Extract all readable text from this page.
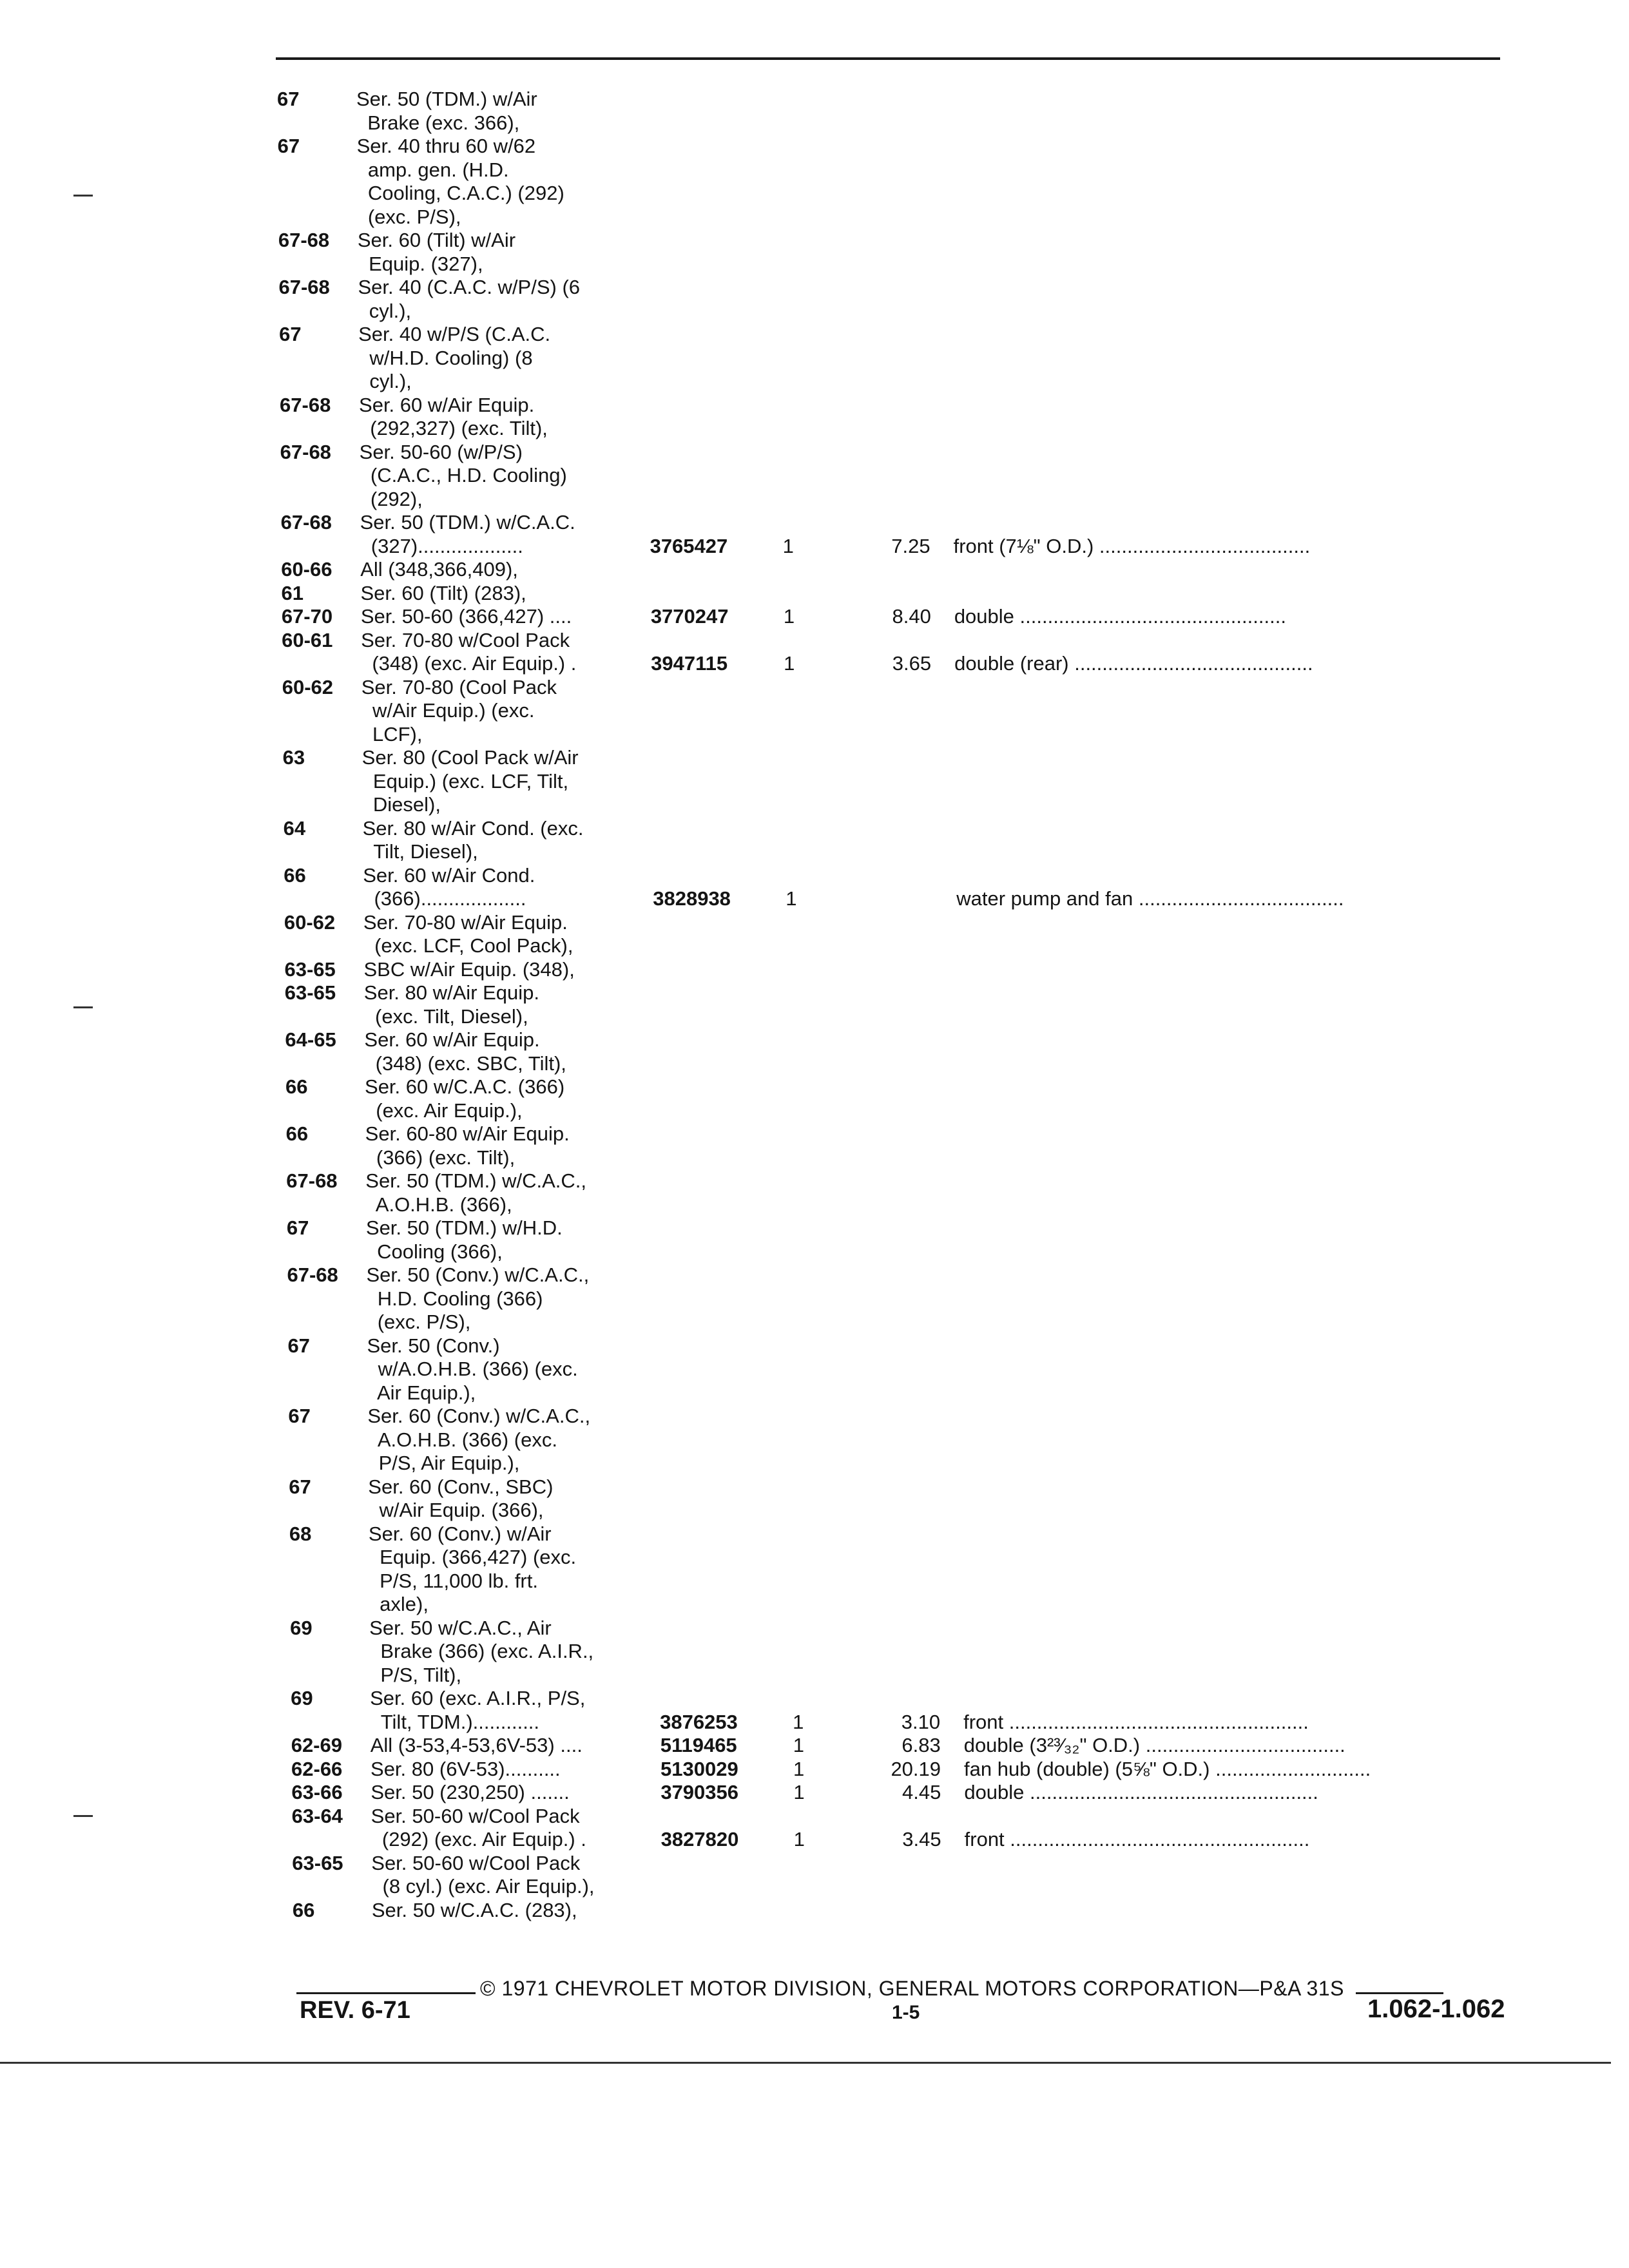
67	Ser. 50 (TDM.) w/Air
Brake (exc. 366),
67	Ser. 40 thru 60 w/62
amp. gen. (H.D.
Cooling, C.A.C.) (292)
(exc. P/S),
67-68 Ser. 60 (Tilt) w/Air
Equip. (327),
67-68 Ser. 40 (C.A.C. w/P/S) (6
cyl.),
67	Ser. 40 w/P/S (C.A.C.
w/H.D. Cooling) (8
cyl.),
67-68 Ser. 60 w/Air Equip.
(292,327) (exc. Tilt),
67-68 Ser. 50-60 (w/P/S)
(C.A.C., H.D. Cooling)
(292),
67-68 Ser. 50 (TDM.) w/C.A.C.
(327)...................	3765427	1	7.25 front (7⅛" O.D.) ......................................
60-66 All (348,366,409),
61	Ser. 60 (Tilt) (283),
67-70 Ser. 50-60 (366,427) ....	3770247	1	8.40 double ................................................
60-61 Ser. 70-80 w/Cool Pack
(348) (exc. Air Equip.) .	3947115	1	3.65 double (rear) ...........................................
60-62 Ser. 70-80 (Cool Pack
w/Air Equip.) (exc.
LCF),
63	Ser. 80 (Cool Pack w/Air
Equip.) (exc. LCF, Tilt,
Diesel),
64	Ser. 80 w/Air Cond. (exc.
Tilt, Diesel),
66	Ser. 60 w/Air Cond.
(366)...................	3828938	1	water pump and fan .....................................
60-62 Ser. 70-80 w/Air Equip.
(exc. LCF, Cool Pack),
63-65 SBC w/Air Equip. (348),
63-65 Ser. 80 w/Air Equip.
(exc. Tilt, Diesel),
64-65 Ser. 60 w/Air Equip.
(348) (exc. SBC, Tilt),
66	Ser. 60 w/C.A.C. (366)
(exc. Air Equip.),
66	Ser. 60-80 w/Air Equip.
(366) (exc. Tilt),
67-68 Ser. 50 (TDM.) w/C.A.C.,
A.O.H.B. (366),
67	Ser. 50 (TDM.) w/H.D.
Cooling (366),
67-68 Ser. 50 (Conv.) w/C.A.C.,
H.D. Cooling (366)
(exc. P/S),
67	Ser. 50 (Conv.)
w/A.O.H.B. (366) (exc.
Air Equip.),
67	Ser. 60 (Conv.) w/C.A.C.,
A.O.H.B. (366) (exc.
P/S, Air Equip.),
67	Ser. 60 (Conv., SBC)
w/Air Equip. (366),
68	Ser. 60 (Conv.) w/Air
Equip. (366,427) (exc.
P/S, 11,000 lb. frt.
axle),
69	Ser. 50 w/C.A.C., Air
Brake (366) (exc. A.I.R.,
P/S, Tilt),
69	Ser. 60 (exc. A.I.R., P/S,
Tilt, TDM.)............	3876253	1	3.10 front ......................................................
62-69 All (3-53,4-53,6V-53) ....	5119465	1	6.83 double (3²³⁄₃₂" O.D.) ....................................
62-66 Ser. 80 (6V-53)..........	5130029	1	20.19 fan hub (double) (5⅝" O.D.) ............................
63-66 Ser. 50 (230,250) .......	3790356	1	4.45 double ....................................................
63-64 Ser. 50-60 w/Cool Pack
(292) (exc. Air Equip.) .	3827820	1	3.45 front ......................................................
63-65 Ser. 50-60 w/Cool Pack
(8 cyl.) (exc. Air Equip.),
66	Ser. 50 w/C.A.C. (283),
© 1971 CHEVROLET MOTOR DIVISION, GENERAL MOTORS CORPORATION—P&A 31S
REV. 6-71	1-5	1.062-1.062
